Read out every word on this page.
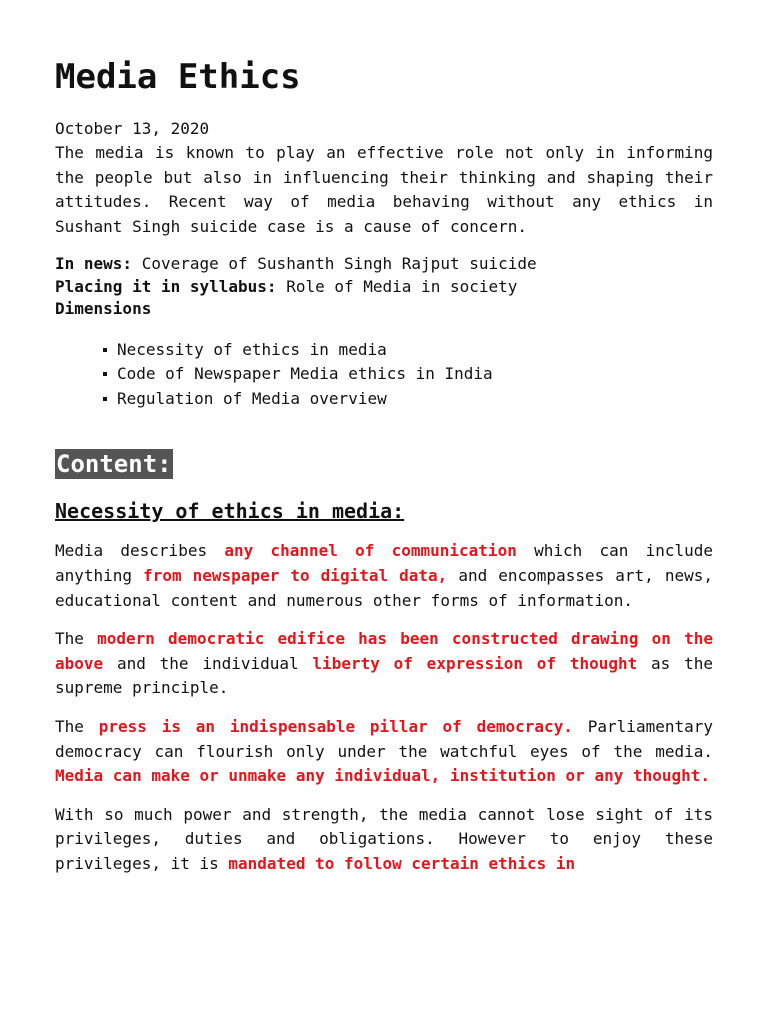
Media Ethics
October 13, 2020

The media is known to play an effective role not only in informing the people but also in influencing their thinking and shaping their attitudes. Recent way of media behaving without any ethics in Sushant Singh suicide case is a cause of concern.

In news: Coverage of Sushanth Singh Rajput suicide
Placing it in syllabus: Role of Media in society
Dimensions
Necessity of ethics in media
Code of Newspaper Media ethics in India
Regulation of Media overview
Content:
Necessity of ethics in media:

Media describes any channel of communication which can include anything from newspaper to digital data, and encompasses art, news, educational content and numerous other forms of information.

The modern democratic edifice has been constructed drawing on the above and the individual liberty of expression of thought as the supreme principle.

The press is an indispensable pillar of democracy. Parliamentary democracy can flourish only under the watchful eyes of the media. Media can make or unmake any individual, institution or any thought.

With so much power and strength, the media cannot lose sight of its privileges, duties and obligations. However to enjoy these privileges, it is mandated to follow certain ethics in
